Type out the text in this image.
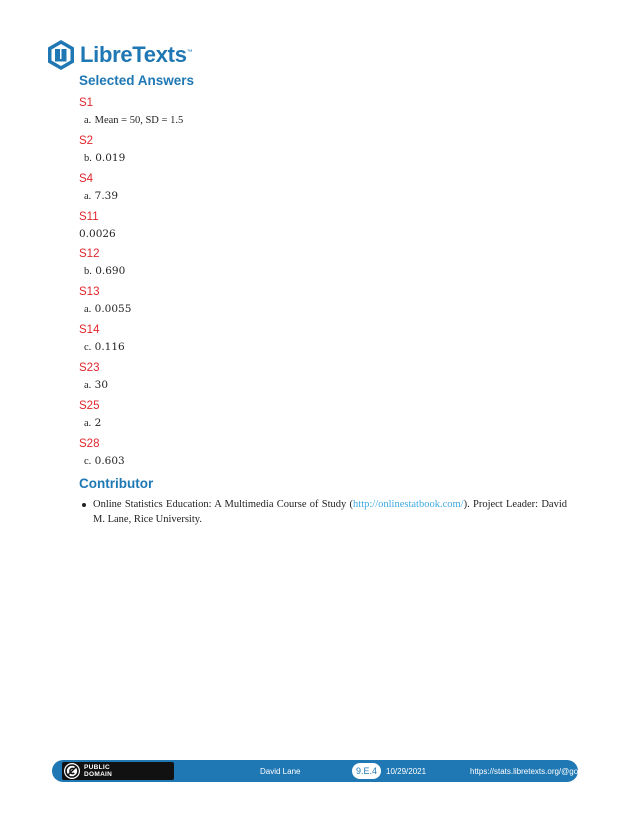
LibreTexts™
Selected Answers
S1
a. Mean = 50, SD = 1.5
S2
b. 0.019
S4
a. 7.39
S11
0.0026
S12
b. 0.690
S13
a. 0.0055
S14
c. 0.116
S23
a. 30
S25
a. 2
S28
c. 0.603
Contributor
Online Statistics Education: A Multimedia Course of Study (http://onlinestatbook.com/). Project Leader: David M. Lane, Rice University.
PUBLIC
DOMAIN	David Lane	9.E.4	10/29/2021	https://stats.libretexts.org/@go/page/2271
